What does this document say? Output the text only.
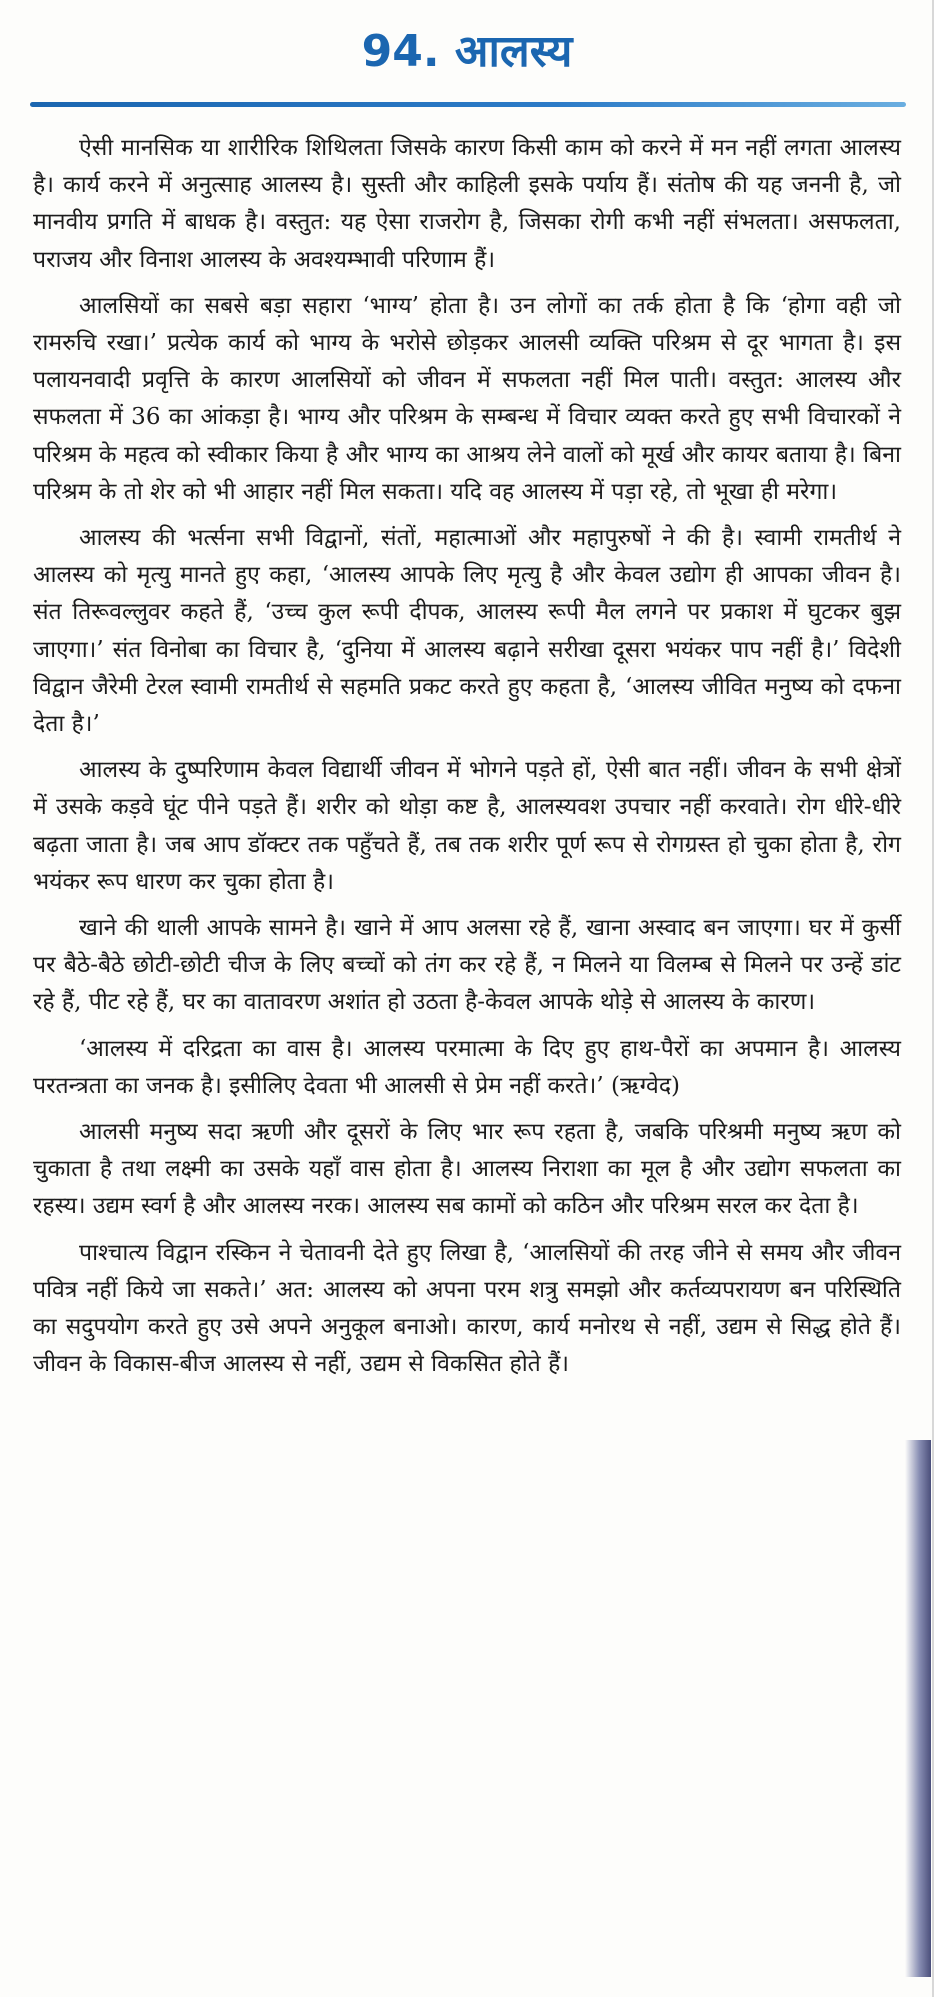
94. आलस्य

ऐसी मानसिक या शारीरिक शिथिलता जिसके कारण किसी काम को करने में मन नहीं लगता आलस्य है। कार्य करने में अनुत्साह आलस्य है। सुस्ती और काहिली इसके पर्याय हैं। संतोष की यह जननी है, जो मानवीय प्रगति में बाधक है। वस्तुत: यह ऐसा राजरोग है, जिसका रोगी कभी नहीं संभलता। असफलता, पराजय और विनाश आलस्य के अवश्यम्भावी परिणाम हैं।

आलसियों का सबसे बड़ा सहारा ‘भाग्य’ होता है। उन लोगों का तर्क होता है कि ‘होगा वही जो रामरुचि रखा।’ प्रत्येक कार्य को भाग्य के भरोसे छोड़कर आलसी व्यक्ति परिश्रम से दूर भागता है। इस पलायनवादी प्रवृत्ति के कारण आलसियों को जीवन में सफलता नहीं मिल पाती। वस्तुत: आलस्य और सफलता में 36 का आंकड़ा है। भाग्य और परिश्रम के सम्बन्ध में विचार व्यक्त करते हुए सभी विचारकों ने परिश्रम के महत्व को स्वीकार किया है और भाग्य का आश्रय लेने वालों को मूर्ख और कायर बताया है। बिना परिश्रम के तो शेर को भी आहार नहीं मिल सकता। यदि वह आलस्य में पड़ा रहे, तो भूखा ही मरेगा।

आलस्य की भर्त्सना सभी विद्वानों, संतों, महात्माओं और महापुरुषों ने की है। स्वामी रामतीर्थ ने आलस्य को मृत्यु मानते हुए कहा, ‘आलस्य आपके लिए मृत्यु है और केवल उद्योग ही आपका जीवन है। संत तिरूवल्लुवर कहते हैं, ‘उच्च कुल रूपी दीपक, आलस्य रूपी मैल लगने पर प्रकाश में घुटकर बुझ जाएगा।’ संत विनोबा का विचार है, ‘दुनिया में आलस्य बढ़ाने सरीखा दूसरा भयंकर पाप नहीं है।’ विदेशी विद्वान जैरेमी टेरल स्वामी रामतीर्थ से सहमति प्रकट करते हुए कहता है, ‘आलस्य जीवित मनुष्य को दफना देता है।’

आलस्य के दुष्परिणाम केवल विद्यार्थी जीवन में भोगने पड़ते हों, ऐसी बात नहीं। जीवन के सभी क्षेत्रों में उसके कड़वे घूंट पीने पड़ते हैं। शरीर को थोड़ा कष्ट है, आलस्यवश उपचार नहीं करवाते। रोग धीरे-धीरे बढ़ता जाता है। जब आप डॉक्टर तक पहुँचते हैं, तब तक शरीर पूर्ण रूप से रोगग्रस्त हो चुका होता है, रोग भयंकर रूप धारण कर चुका होता है।

खाने की थाली आपके सामने है। खाने में आप अलसा रहे हैं, खाना अस्वाद बन जाएगा। घर में कुर्सी पर बैठे-बैठे छोटी-छोटी चीज के लिए बच्चों को तंग कर रहे हैं, न मिलने या विलम्ब से मिलने पर उन्हें डांट रहे हैं, पीट रहे हैं, घर का वातावरण अशांत हो उठता है-केवल आपके थोड़े से आलस्य के कारण।

‘आलस्य में दरिद्रता का वास है। आलस्य परमात्मा के दिए हुए हाथ-पैरों का अपमान है। आलस्य परतन्त्रता का जनक है। इसीलिए देवता भी आलसी से प्रेम नहीं करते।’ (ऋग्वेद)

आलसी मनुष्य सदा ऋणी और दूसरों के लिए भार रूप रहता है, जबकि परिश्रमी मनुष्य ऋण को चुकाता है तथा लक्ष्मी का उसके यहाँ वास होता है। आलस्य निराशा का मूल है और उद्योग सफलता का रहस्य। उद्यम स्वर्ग है और आलस्य नरक। आलस्य सब कामों को कठिन और परिश्रम सरल कर देता है।

पाश्चात्य विद्वान रस्किन ने चेतावनी देते हुए लिखा है, ‘आलसियों की तरह जीने से समय और जीवन पवित्र नहीं किये जा सकते।’ अत: आलस्य को अपना परम शत्रु समझो और कर्तव्यपरायण बन परिस्थिति का सदुपयोग करते हुए उसे अपने अनुकूल बनाओ। कारण, कार्य मनोरथ से नहीं, उद्यम से सिद्ध होते हैं। जीवन के विकास-बीज आलस्य से नहीं, उद्यम से विकसित होते हैं।
